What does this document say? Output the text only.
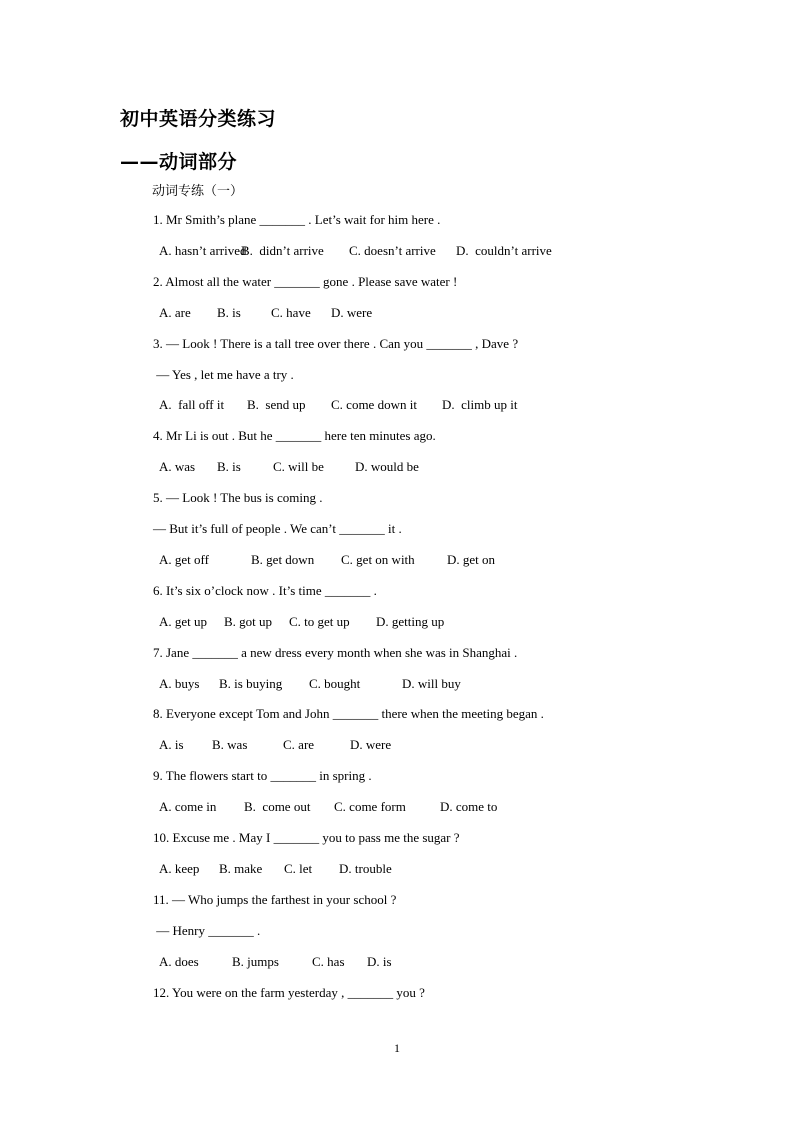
初中英语分类练习
——动词部分
动词专练（一）
1. Mr Smith’s plane _______ . Let’s wait for him here .
A. hasn’t arrived
B.  didn’t arrive C. doesn’t arrive D.  couldn’t arrive
2. Almost all the water _______ gone . Please save water !
A. are B. is C. have D. were
3. — Look ! There is a tall tree over there . Can you _______ , Dave ?
— Yes , let me have a try .
A.  fall off it B.  send up C. come down it D.  climb up it
4. Mr Li is out . But he _______ here ten minutes ago.
A. was B. is C. will be D. would be
5. — Look ! The bus is coming .
— But it’s full of people . We can’t _______ it .
A. get off	B. get down C. get on with D. get on
6. It’s six o’clock now . It’s time _______ .
A. get up B. got up C. to get up D. getting up
7. Jane _______ a new dress every month when she was in Shanghai .
A. buys B. is buying C. bought	D. will buy
8. Everyone except Tom and John _______ there when the meeting began .
A. is B. was	C. are	D. were
9. The flowers start to _______ in spring .
A. come in B.  come out C. come form	D. come to
10. Excuse me . May I _______ you to pass me the sugar ?
A. keep B. make C. let D. trouble
11. — Who jumps the farthest in your school ?
— Henry _______ .
A. does	B. jumps	C. has D. is
12. You were on the farm yesterday , _______ you ?
1
